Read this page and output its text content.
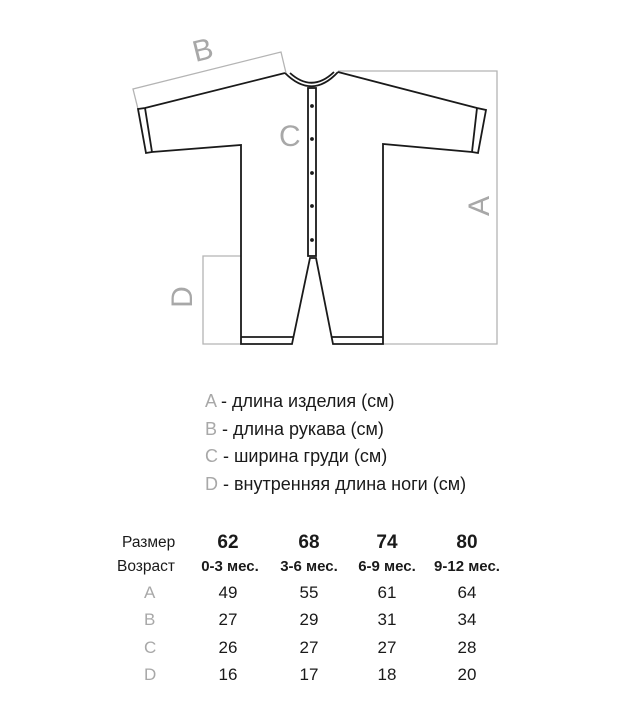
B
C
A
D
A - длина изделия (см)
B - длина рукава (см)
C - ширина груди (см)
D - внутренняя длина ноги (см)
Размер 62	68	74	80
Возраст 0-3 мес. 3-6 мес. 6-9 мес. 9-12 мес.
A	49	55	61	64
B	27	29	31	34
C	26	27	27	28
D	16	17	18	20
